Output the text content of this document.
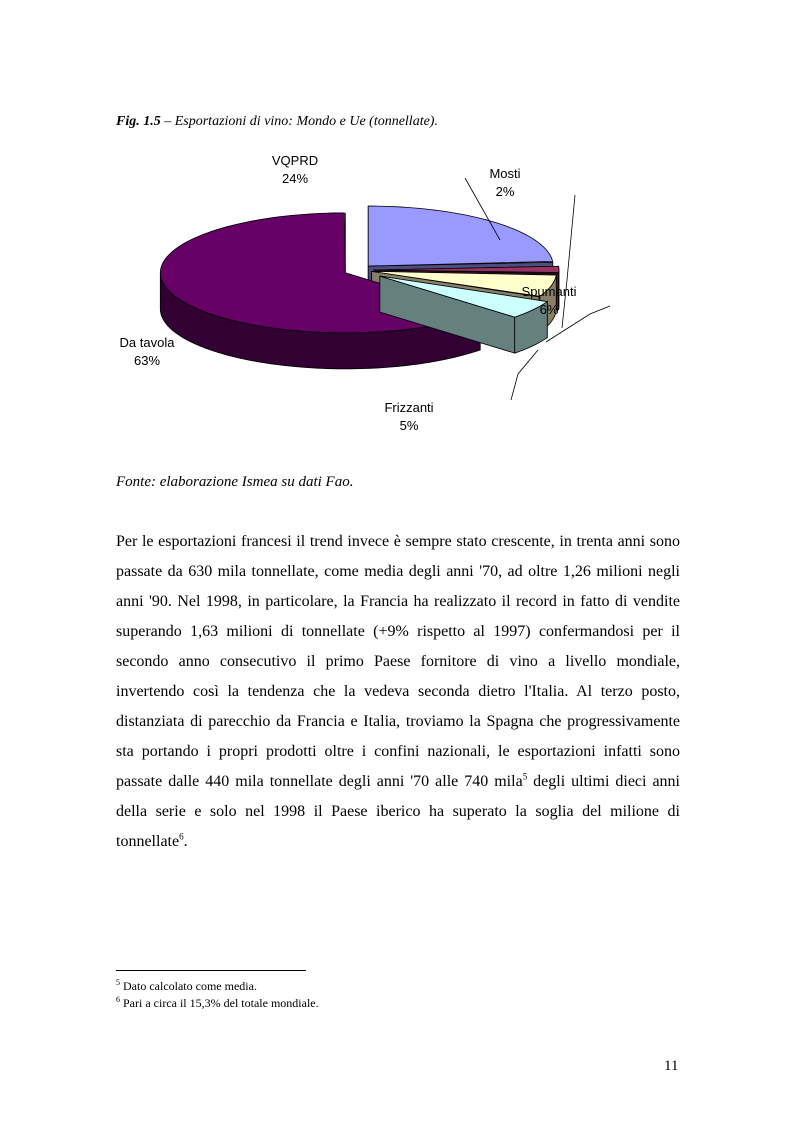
Fig. 1.5 – Esportazioni di vino: Mondo e Ue (tonnellate).
VQPRD 24%	Mosti 2%
Spumanti 6%
Frizzanti 5%
Da tavola 63%
Fonte: elaborazione Ismea su dati Fao.
Per le esportazioni francesi il trend invece è sempre stato crescente, in trenta anni sono passate da 630 mila tonnellate, come media degli anni '70, ad oltre 1,26 milioni negli anni '90. Nel 1998, in particolare, la Francia ha realizzato il record in fatto di vendite superando 1,63 milioni di tonnellate (+9% rispetto al 1997) confermandosi per il secondo anno consecutivo il primo Paese fornitore di vino a livello mondiale, invertendo così la tendenza che la vedeva seconda dietro l'Italia. Al terzo posto, distanziata di parecchio da Francia e Italia, troviamo la Spagna che progressivamente sta portando i propri prodotti oltre i confini nazionali, le esportazioni infatti sono passate dalle 440 mila tonnellate degli anni '70 alle 740 mila$^5$ degli ultimi dieci anni della serie e solo nel 1998 il Paese iberico ha superato la soglia del milione di tonnellate$^6$.
$^5$ Dato calcolato come media.
$^6$ Pari a circa il 15,3% del totale mondiale.
11
